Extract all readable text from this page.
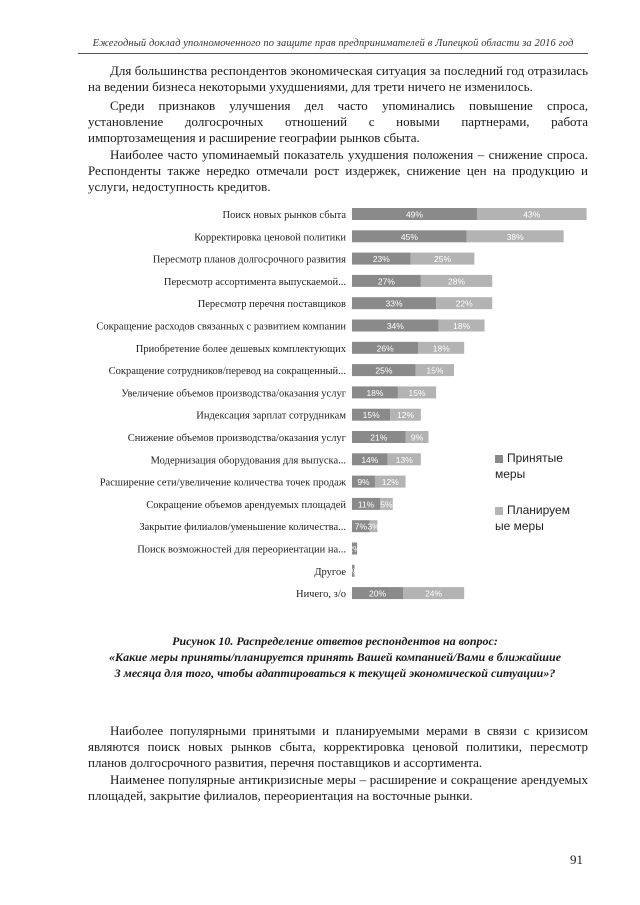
Ежегодный доклад уполномоченного по защите прав предпринимателей в Липецкой области за 2016 год

Для большинства респондентов экономическая ситуация за последний год отразилась на ведении бизнеса некоторыми ухудшениями, для трети ничего не изменилось.

Среди признаков улучшения дел часто упоминались повышение спроса, установление долгосрочных отношений с новыми партнерами, работа импортозамещения и расширение географии рынков сбыта.

Наиболее часто упоминаемый показатель ухудшения положения – снижение спроса. Респонденты также нередко отмечали рост издержек, снижение цен на продукцию и услуги, недоступность кредитов.

Поиск новых рынков сбыта	49%	43%
Корректировка ценовой политики	45%	38%
Пересмотр планов долгосрочного развития	23%	25%
Пересмотр ассортимента выпускаемой...	27%	28%
Пересмотр перечня поставщиков	33%	22%
Сокращение расходов связанных с развитием компании	34%	18%
Приобретение более дешевых комплектующих	26%	18%
Сокращение сотрудников/перевод на сокращенный...	25%	15%
Увеличение объемов производства/оказания услуг 18%	15%
Индексация зарплат сотрудникам 15% 12%
Снижение объемов производства/оказания услуг	21%	9%
Модернизация оборудования для выпуска... 14% 13%
Расширение сети/увеличение количества точек продаж 9% 12%
Сокращение объемов арендуемых площадей 11% 5%
Закрытие филиалов/уменьшение количества... 7% 3%
Поиск возможностей для переориентации на... 2%
Другое 1%
Ничего, з/о	20%	24%
Принятые
меры
Планируем
ые меры
Рисунок 10. Распределение ответов респондентов на вопрос:
«Какие меры приняты/планируется принять Вашей компанией/Вами в ближайшие
3 месяца для того, чтобы адаптироваться к текущей экономической ситуации»?

Наиболее популярными принятыми и планируемыми мерами в связи с кризисом являются поиск новых рынков сбыта, корректировка ценовой политики, пересмотр планов долгосрочного развития, перечня поставщиков и ассортимента.

Наименее популярные антикризисные меры – расширение и сокращение арендуемых площадей, закрытие филиалов, переориентация на восточные рынки.

91
